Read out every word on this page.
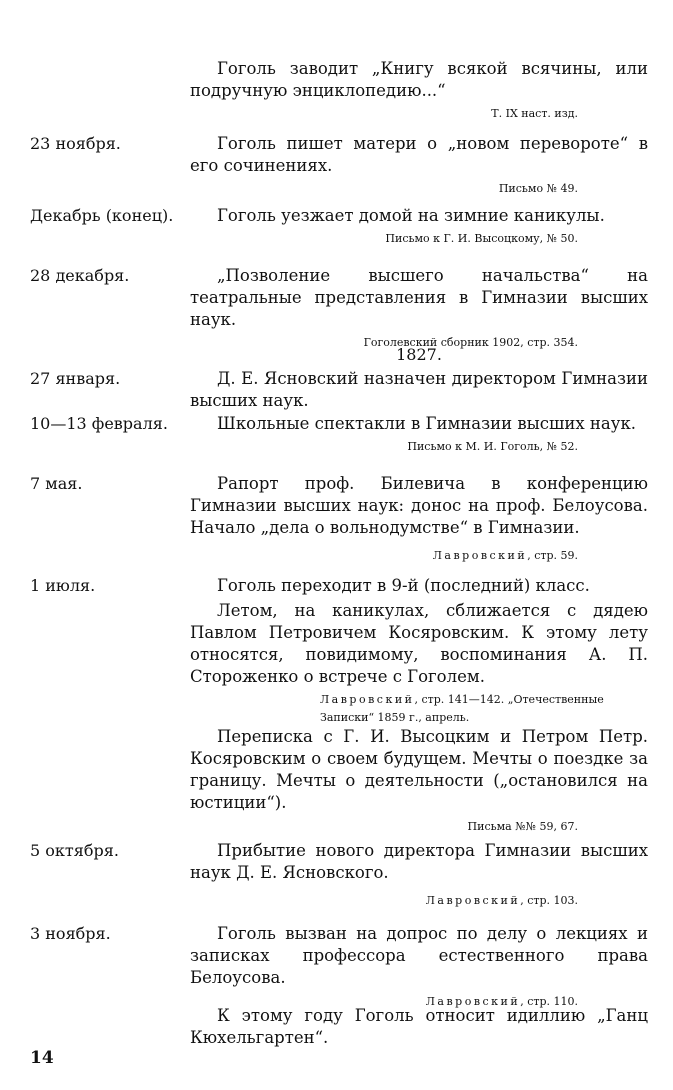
Гоголь заводит „Книгу всякой всячины, или подручную энциклопедию...“

Т. IX наст. изд.
23 ноября.	Гоголь пишет матери о „новом перевороте“ в его сочинениях.

Письмо № 49.
Декабрь (конец).	Гоголь уезжает домой на зимние каникулы.

Письмо к Г. И. Высоцкому, № 50.
28 декабря.	„Позволение высшего начальства“ на театральные представления в Гимназии высших наук.

Гоголевский сборник 1902, стр. 354.
1827.
27 января.	Д. Е. Ясновский назначен директором Гимназии высших наук.

10—13 февраля.	Школьные спектакли в Гимназии высших наук.

Письмо к М. И. Гоголь, № 52.
7 мая.	Рапорт проф. Билевича в конференцию Гимназии высших наук: донос на проф. Белоусова. Начало „дела о вольнодумстве“ в Гимназии.

Лавровский, стр. 59.
1 июля.	Гоголь переходит в 9-й (последний) класс.

Летом, на каникулах, сближается с дядею Павлом Петровичем Косяровским. К этому лету относятся, повидимому, воспоминания А. П. Стороженко о встрече с Гоголем.

Лавровский, стр. 141—142. „Отечественные Записки“ 1859 г., апрель.

Переписка с Г. И. Высоцким и Петром Петр. Косяровским о своем будущем. Мечты о поездке за границу. Мечты о деятельности („остановился на юстиции“).

Письма №№ 59, 67.
5 октября.	Прибытие нового директора Гимназии высших наук Д. Е. Ясновского.

Лавровский, стр. 103.
3 ноября.	Гоголь вызван на допрос по делу о лекциях и записках профессора естественного права Белоусова.

Лавровский, стр. 110.

К этому году Гоголь относит идиллию „Ганц Кюхельгартен“.

14
